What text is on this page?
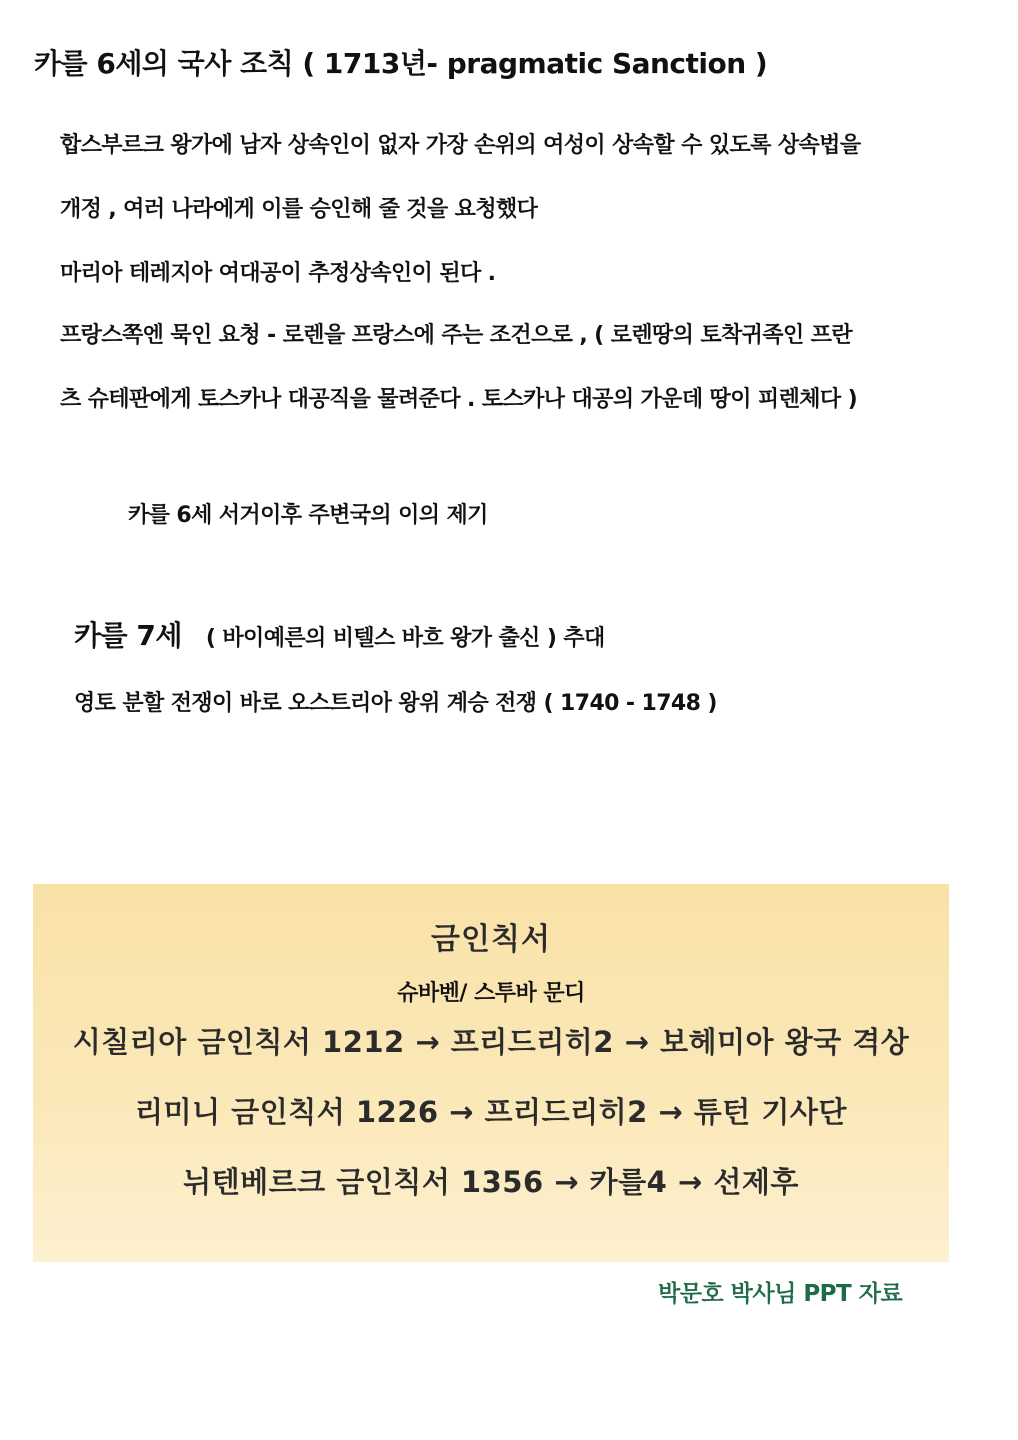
카를 6세의 국사 조칙 ( 1713년- pragmatic Sanction )
합스부르크 왕가에 남자 상속인이 없자 가장 손위의 여성이 상속할 수 있도록 상속법을
개정 , 여러 나라에게 이를 승인해 줄 것을 요청했다
마리아 테레지아 여대공이 추정상속인이 된다 .
프랑스쪽엔 묵인 요청 - 로렌을 프랑스에 주는 조건으로 , ( 로렌땅의 토착귀족인 프란
츠 슈테판에게 토스카나 대공직을 물려준다 . 토스카나 대공의 가운데 땅이 피렌체다 )
카를 6세 서거이후 주변국의 이의 제기
카를 7세 ( 바이예른의 비텔스 바흐 왕가 출신 ) 추대
영토 분할 전쟁이 바로 오스트리아 왕위 계승 전쟁 ( 1740 - 1748 )
금인칙서
슈바벤/ 스투바 문디
시칠리아 금인칙서 1212 → 프리드리히2 → 보헤미아 왕국 격상
리미니 금인칙서 1226 → 프리드리히2 → 튜턴 기사단
뉘텐베르크 금인칙서 1356 → 카를4 → 선제후
박문호 박사님 PPT 자료
